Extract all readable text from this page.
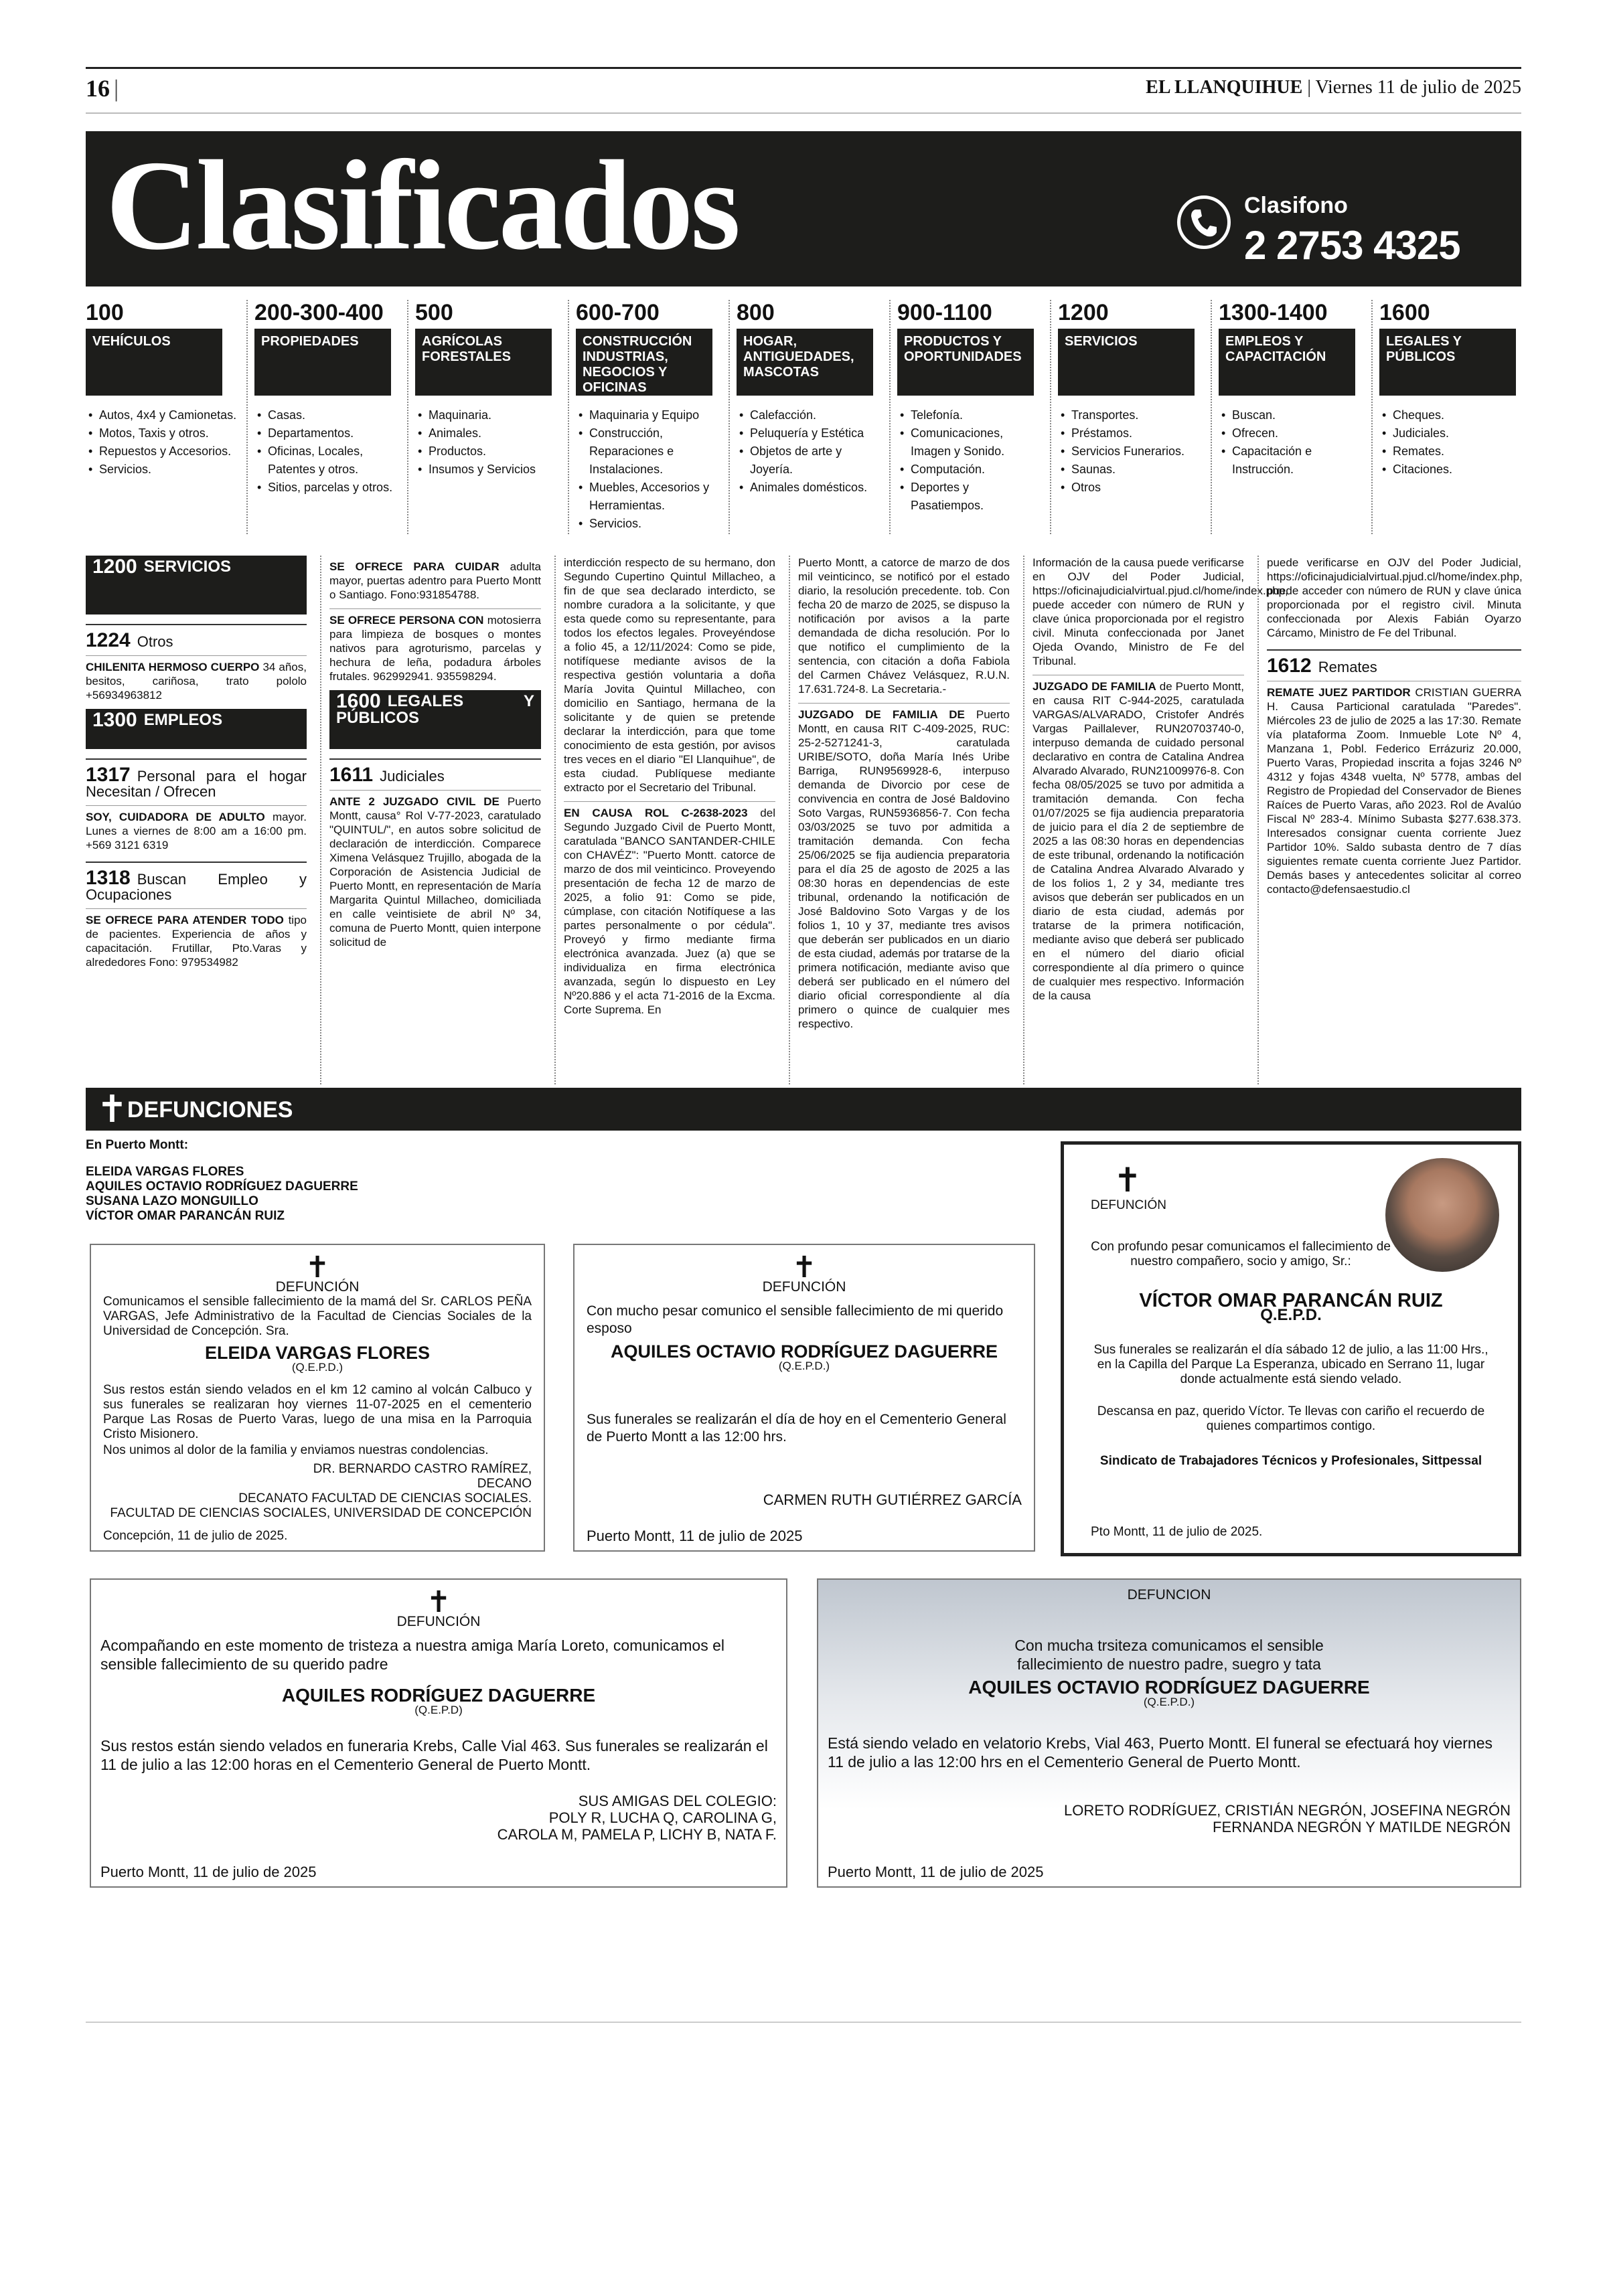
16 |	EL LLANQUIHUE | Viernes 11 de julio de 2025
Clasificados	Clasifono
2 2753 4325
100
VEHÍCULOS
• Autos, 4x4 y Camionetas.
• Motos, Taxis y otros.
• Repuestos y Accesorios.
• Servicios.
200-300-400
PROPIEDADES
• Casas.
• Departamentos.
• Oficinas, Locales, Patentes y otros.
• Sitios, parcelas y otros.
500
AGRÍCOLAS FORESTALES
• Maquinaria.
• Animales.
• Productos.
• Insumos y Servicios
600-700
CONSTRUCCIÓN INDUSTRIAS, NEGOCIOS Y OFICINAS
• Maquinaria y Equipo
• Construcción, Reparaciones e Instalaciones.
• Muebles, Accesorios y Herramientas.
• Servicios.
800
HOGAR, ANTIGUEDADES, MASCOTAS
• Calefacción.
• Peluquería y Estética
• Objetos de arte y Joyería.
• Animales domésticos.
900-1100
PRODUCTOS Y OPORTUNIDADES
• Telefonía.
• Comunicaciones, Imagen y Sonido.
• Computación.
• Deportes y Pasatiempos.
1200
SERVICIOS
• Transportes.
• Préstamos.
• Servicios Funerarios.
• Saunas.
• Otros
1300-1400
EMPLEOS Y CAPACITACIÓN
• Buscan.
• Ofrecen.
• Capacitación e Instrucción.
1600
LEGALES Y PÚBLICOS
• Cheques.
• Judiciales.
• Remates.
• Citaciones.
1200 SERVICIOS
1224 Otros
CHILENITA HERMOSO CUERPO 34 años, besitos, cariñosa, trato pololo +56934963812
1300 EMPLEOS
1317 Personal para el hogar Necesitan / Ofrecen
SOY, CUIDADORA DE ADULTO mayor. Lunes a viernes de 8:00 am a 16:00 pm. +569 3121 6319
1318 Buscan Empleo y Ocupaciones
SE OFRECE PARA ATENDER TODO tipo de pacientes. Experiencia de años y capacitación. Frutillar, Pto.Varas y alrededores Fono: 979534982
SE OFRECE PARA CUIDAR adulta mayor, puertas adentro para Puerto Montt o Santiago. Fono:931854788.
SE OFRECE PERSONA CON motosierra para limpieza de bosques o montes nativos para agroturismo, parcelas y hechura de leña, podadura árboles frutales. 962992941. 935598294.
1600 LEGALES Y PÚBLICOS
1611 Judiciales
ANTE 2 JUZGADO CIVIL DE Puerto Montt, causa° Rol V-77-2023, caratulado "QUINTUL/", en autos sobre solicitud de declaración de interdicción. Comparece Ximena Velásquez Trujillo, abogada de la Corporación de Asistencia Judicial de Puerto Montt, en representación de María Margarita Quintul Millacheo, domiciliada en calle veintisiete de abril Nº 34, comuna de Puerto Montt, quien interpone solicitud de
interdicción respecto de su hermano, don Segundo Cupertino Quintul Millacheo, a fin de que sea declarado interdicto, se nombre curadora a la solicitante, y que esta quede como su representante, para todos los efectos legales. Proveyéndose a folio 45, a 12/11/2024: Como se pide, notifíquese mediante avisos de la respectiva gestión voluntaria a doña María Jovita Quintul Millacheo, con domicilio en Santiago, hermana de la solicitante y de quien se pretende declarar la interdicción, para que tome conocimiento de esta gestión, por avisos tres veces en el diario "El Llanquihue", de esta ciudad. Publíquese mediante extracto por el Secretario del Tribunal.
EN CAUSA ROL C-2638-2023 del Segundo Juzgado Civil de Puerto Montt, caratulada "BANCO SANTANDER-CHILE con CHAVÉZ": "Puerto Montt. catorce de marzo de dos mil veinticinco. Proveyendo presentación de fecha 12 de marzo de 2025, a folio 91: Como se pide, cúmplase, con citación Notifíquese a las partes personalmente o por cédula". Proveyó y firmo mediante firma electrónica avanzada. Juez (a) que se individualiza en firma electrónica avanzada, según lo dispuesto en Ley Nº20.886 y el acta 71-2016 de la Excma. Corte Suprema. En
Puerto Montt, a catorce de marzo de dos mil veinticinco, se notificó por el estado diario, la resolución precedente. tob. Con fecha 20 de marzo de 2025, se dispuso la notificación por avisos a la parte demandada de dicha resolución. Por lo que notifico el cumplimiento de la sentencia, con citación a doña Fabiola del Carmen Chávez Velásquez, R.U.N. 17.631.724-8. La Secretaria.-
JUZGADO DE FAMILIA DE Puerto Montt, en causa RIT C-409-2025, RUC: 25-2-5271241-3, caratulada URIBE/SOTO, doña María Inés Uribe Barriga, RUN9569928-6, interpuso demanda de Divorcio por cese de convivencia en contra de José Baldovino Soto Vargas, RUN5936856-7. Con fecha 03/03/2025 se tuvo por admitida a tramitación demanda. Con fecha 25/06/2025 se fija audiencia preparatoria para el día 25 de agosto de 2025 a las 08:30 horas en dependencias de este tribunal, ordenando la notificación de José Baldovino Soto Vargas y de los folios 1, 10 y 37, mediante tres avisos que deberán ser publicados en un diario de esta ciudad, además por tratarse de la primera notificación, mediante aviso que deberá ser publicado en el número del diario oficial correspondiente al día primero o quince de cualquier mes respectivo.
Información de la causa puede verificarse en OJV del Poder Judicial, https://oficinajudicialvirtual.pjud.cl/home/index.php, puede acceder con número de RUN y clave única proporcionada por el registro civil. Minuta confeccionada por Janet Ojeda Ovando, Ministro de Fe del Tribunal.
JUZGADO DE FAMILIA de Puerto Montt, en causa RIT C-944-2025, caratulada VARGAS/ALVARADO, Cristofer Andrés Vargas Paillalever, RUN20703740-0, interpuso demanda de cuidado personal declarativo en contra de Catalina Andrea Alvarado Alvarado, RUN21009976-8. Con fecha 08/05/2025 se tuvo por admitida a tramitación demanda. Con fecha 01/07/2025 se fija audiencia preparatoria de juicio para el día 2 de septiembre de 2025 a las 08:30 horas en dependencias de este tribunal, ordenando la notificación de Catalina Andrea Alvarado Alvarado y de los folios 1, 2 y 34, mediante tres avisos que deberán ser publicados en un diario de esta ciudad, además por tratarse de la primera notificación, mediante aviso que deberá ser publicado en el número del diario oficial correspondiente al día primero o quince de cualquier mes respectivo. Información de la causa
puede verificarse en OJV del Poder Judicial, https://oficinajudicialvirtual.pjud.cl/home/index.php, puede acceder con número de RUN y clave única proporcionada por el registro civil. Minuta confeccionada por Alexis Fabián Oyarzo Cárcamo, Ministro de Fe del Tribunal.
1612 Remates
REMATE JUEZ PARTIDOR CRISTIAN GUERRA H. Causa Particional caratulada "Paredes". Miércoles 23 de julio de 2025 a las 17:30. Remate vía plataforma Zoom. Inmueble Lote Nº 4, Manzana 1, Pobl. Federico Errázuriz 20.000, Puerto Varas, Propiedad inscrita a fojas 3246 Nº 4312 y fojas 4348 vuelta, Nº 5778, ambas del Registro de Propiedad del Conservador de Bienes Raíces de Puerto Varas, año 2023. Rol de Avalúo Fiscal Nº 283-4. Mínimo Subasta $277.638.373. Interesados consignar cuenta corriente Juez Partidor 10%. Saldo subasta dentro de 7 días siguientes remate cuenta corriente Juez Partidor. Demás bases y antecedentes solicitar al correo contacto@defensaestudio.cl
✝ DEFUNCIONES
En Puerto Montt:
ELEIDA VARGAS FLORES
AQUILES OCTAVIO RODRÍGUEZ DAGUERRE
SUSANA LAZO MONGUILLO
VÍCTOR OMAR PARANCÁN RUIZ
✝
DEFUNCIÓN
Comunicamos el sensible fallecimiento de la mamá del Sr. CARLOS PEÑA VARGAS, Jefe Administrativo de la Facultad de Ciencias Sociales de la Universidad de Concepción. Sra.
ELEIDA VARGAS FLORES
(Q.E.P.D.)

Sus restos están siendo velados en el km 12 camino al volcán Calbuco y sus funerales se realizaran hoy viernes 11-07-2025 en el cementerio Parque Las Rosas de Puerto Varas, luego de una misa en la Parroquia Cristo Misionero.

Nos unimos al dolor de la familia y enviamos nuestras condolencias.

DR. BERNARDO CASTRO RAMÍREZ,
DECANO
DECANATO FACULTAD DE CIENCIAS SOCIALES.
FACULTAD DE CIENCIAS SOCIALES, UNIVERSIDAD DE CONCEPCIÓN
Concepción, 11 de julio de 2025.
✝
DEFUNCIÓN

Con mucho pesar comunico el sensible fallecimiento de mi querido esposo

AQUILES OCTAVIO RODRÍGUEZ DAGUERRE
(Q.E.P.D.)

Sus funerales se realizarán el día de hoy en el Cementerio General de Puerto Montt a las 12:00 hrs.

CARMEN RUTH GUTIÉRREZ GARCÍA
Puerto Montt, 11 de julio de 2025
✝
DEFUNCIÓN

Con profundo pesar comunicamos el fallecimiento de nuestro compañero, socio y amigo, Sr.:

VÍCTOR OMAR PARANCÁN RUIZ
Q.E.P.D.

Sus funerales se realizarán el día sábado 12 de julio, a las 11:00 Hrs., en la Capilla del Parque La Esperanza, ubicado en Serrano 11, lugar donde actualmente está siendo velado.

Descansa en paz, querido Víctor. Te llevas con cariño el recuerdo de quienes compartimos contigo.

Sindicato de Trabajadores Técnicos y Profesionales, Sittpessal
Pto Montt, 11 de julio de 2025.
✝
DEFUNCIÓN

Acompañando en este momento de tristeza a nuestra amiga María Loreto, comunicamos el sensible fallecimiento de su querido padre

AQUILES RODRÍGUEZ DAGUERRE
(Q.E.P.D)

Sus restos están siendo velados en funeraria Krebs, Calle Vial 463. Sus funerales se realizarán el 11 de julio a las 12:00 horas en el Cementerio General de Puerto Montt.

SUS AMIGAS DEL COLEGIO:
POLY R, LUCHA Q, CAROLINA G,
CAROLA M, PAMELA P, LICHY B, NATA F.
Puerto Montt, 11 de julio de 2025
DEFUNCION

Con mucha trsiteza comunicamos el sensible fallecimiento de nuestro padre, suegro y tata

AQUILES OCTAVIO RODRÍGUEZ DAGUERRE
(Q.E.P.D.)

Está siendo velado en velatorio Krebs, Vial 463, Puerto Montt. El funeral se efectuará hoy viernes 11 de julio a las 12:00 hrs en el Cementerio General de Puerto Montt.

LORETO RODRÍGUEZ, CRISTIÁN NEGRÓN, JOSEFINA NEGRÓN
FERNANDA NEGRÓN Y MATILDE NEGRÓN
Puerto Montt, 11 de julio de 2025
